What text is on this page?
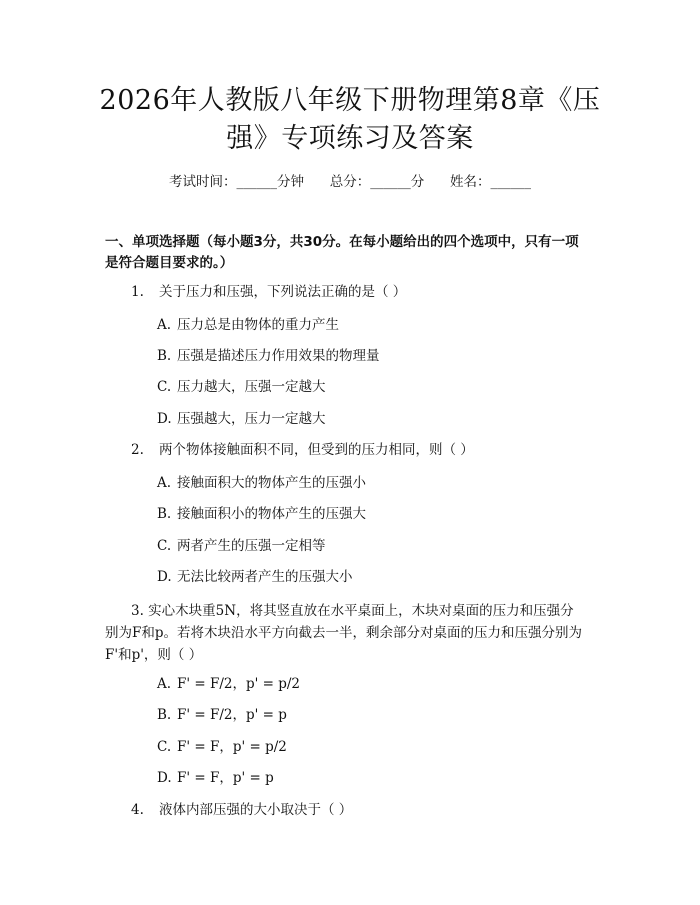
2026年人教版八年级下册物理第8章《压
强》专项练习及答案
考试时间：______分钟      总分：______分      姓名：______
一、单项选择题（每小题3分，共30分。在每小题给出的四个选项中，只有一项
是符合题目要求的。）
1. 关于压力和压强，下列说法正确的是（ ）
A. 压力总是由物体的重力产生
B. 压强是描述压力作用效果的物理量
C. 压力越大，压强一定越大
D. 压强越大，压力一定越大
2. 两个物体接触面积不同，但受到的压力相同，则（ ）
A. 接触面积大的物体产生的压强小
B. 接触面积小的物体产生的压强大
C. 两者产生的压强一定相等
D. 无法比较两者产生的压强大小
3. 实心木块重5N，将其竖直放在水平桌面上，木块对桌面的压力和压强分
别为F和p。若将木块沿水平方向截去一半，剩余部分对桌面的压力和压强分别为
F'和p'，则（ ）
A. F' = F/2，p' = p/2
B. F' = F/2，p' = p
C. F' = F，p' = p/2
D. F' = F，p' = p
4. 液体内部压强的大小取决于（ ）
